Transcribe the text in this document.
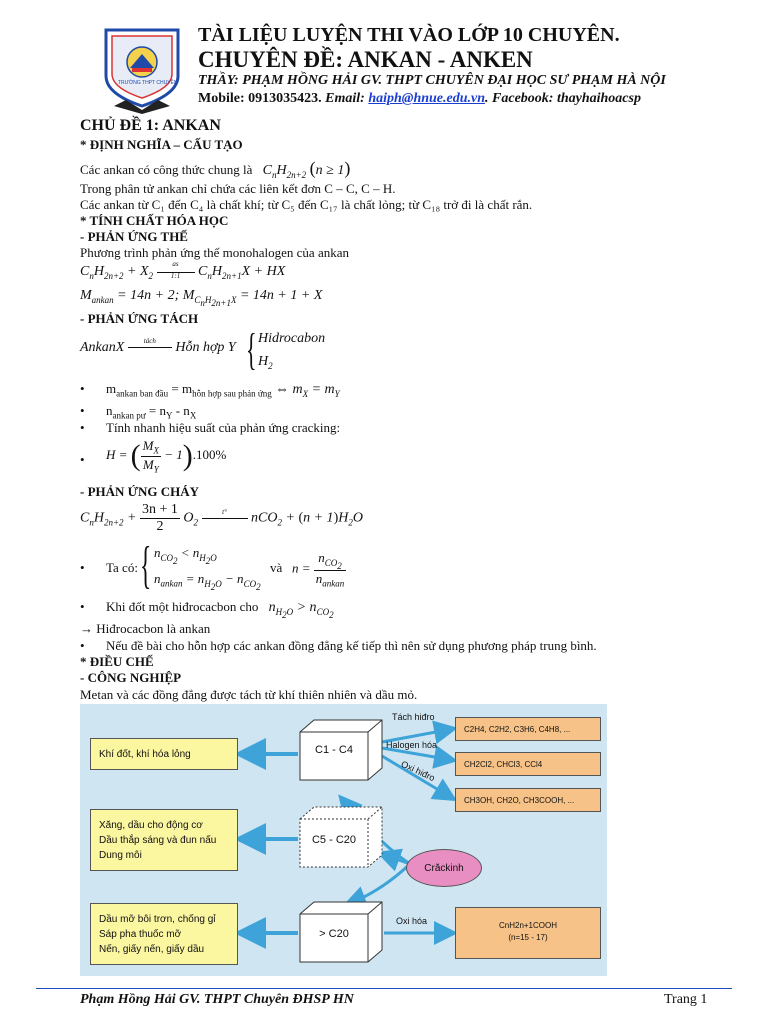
TRƯỜNG THPT CHUYÊN
TÀI LIỆU LUYỆN THI VÀO LỚP 10 CHUYÊN.
CHUYÊN ĐỀ: ANKAN - ANKEN
THẦY: PHẠM HỒNG HẢI GV. THPT CHUYÊN ĐẠI HỌC SƯ PHẠM HÀ NỘI
Mobile: 0913035423. Email: haiph@hnue.edu.vn. Facebook: thayhaihoacsp
CHỦ ĐỀ 1: ANKAN
* ĐỊNH NGHĨA – CẤU TẠO
Các ankan có công thức chung là   $C_nH_{2n+2}$ (n ≥ 1)
Trong phân tử ankan chỉ chứa các liên kết đơn C – C, C – H.
Các ankan từ C₁ đến C₄ là chất khí; từ C₅ đến C₁₇ là chất lỏng; từ C₁₈ trở đi là chất rắn.
* TÍNH CHẤT HÓA HỌC
- PHẢN ỨNG THẾ
Phương trình phản ứng thế monohalogen của ankan
$C_nH_{2n+2} + X_2 \frac{as}{1:1} C_nH_{2n+1}X$ + HX
$M_{ankan} = 14n + 2$; $M_{C_nH_{2n+1}X} = 14n + 1 + X$
- PHẢN ỨNG TÁCH
AnkanX	tách	Hỗn hợp Y { Hidrocabon
$H_2$
• $m_{ankan ban đầu} = m_{hỗn hợp sau phản ứng}$ ⇔ $m_X = m_Y$
• $n_{ankan pư} = n_Y - n_X$
• Tính nhanh hiệu suất của phản ứng cracking:
• H = ( $\frac{M_X}{M_Y} - 1).100\%$
- PHẢN ỨNG CHÁY
$C_nH_{2n+2} + \frac{3n + 1}{2} O_2$
t°	$nCO_2 + (n + 1)H_2O$
• Ta có: { $n_{CO_2} < n_{H_2O}$
$n_{ankan} = n_{H_2O} - n_{CO_2}$
và $n = \frac{n_{CO_2}}{n_{ankan}}$
• Khi đốt một hiđrocacbon cho   $n_{H_2O} > n_{CO_2}$
→ Hiđrocacbon là ankan
• Nếu đề bài cho hỗn hợp các ankan đồng đẳng kế tiếp thì nên sử dụng phương pháp trung bình.
* ĐIỀU CHẾ
- CÔNG NGHIỆP
Metan và các đồng đẳng được tách từ khí thiên nhiên và dầu mỏ.
Khí đốt, khí hóa lỏng
Xăng, dầu cho động cơ
Dầu thắp sáng và đun nấu
Dung môi
Dầu mỡ bôi trơn, chống gỉ
Sáp pha thuốc mỡ
Nến, giấy nến, giấy dầu
C1 - C4
C5 - C20
> C20
Crăckinh
Tách hiđro
Halogen hóa
Oxi hiđro
Oxi hóa
C2H4, C2H2, C3H6, C4H8, ...
CH2Cl2, CHCl3, CCl4
CH3OH, CH2O, CH3COOH, ...
CnH2n+1COOH
(n=15 - 17)
Phạm Hồng Hải GV. THPT Chuyên ĐHSP HN	Trang 1
